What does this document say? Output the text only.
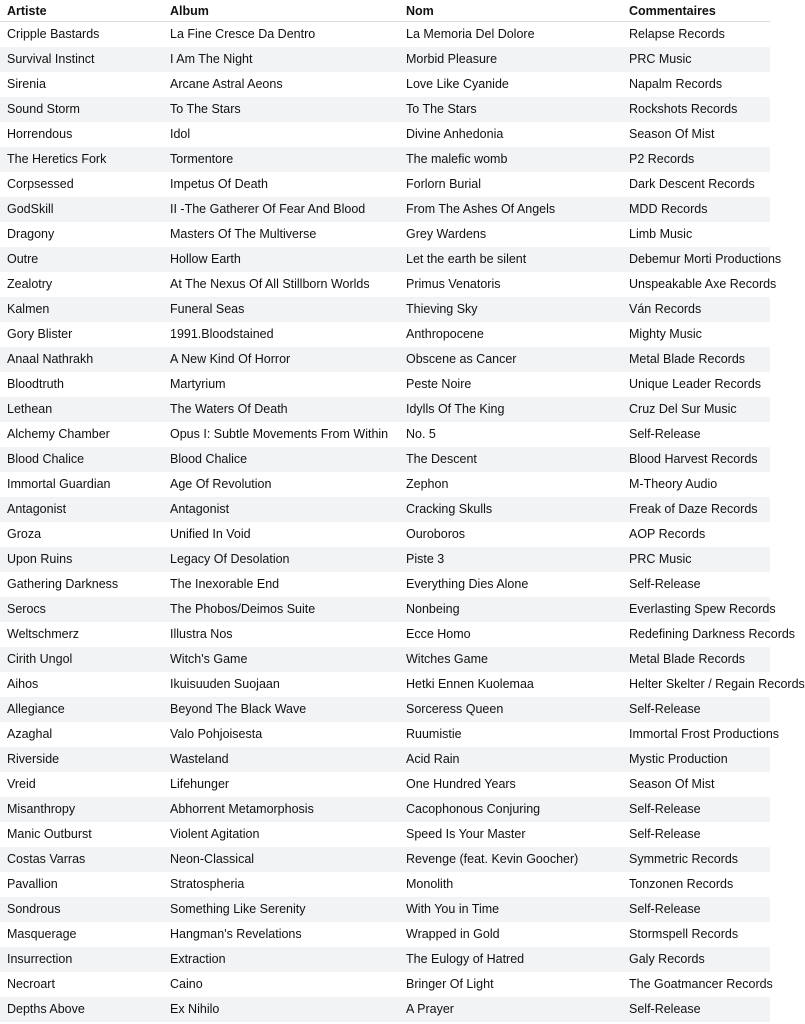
Artiste	Album	Nom	Commentaires
Cripple Bastards	La Fine Cresce Da Dentro	La Memoria Del Dolore	Relapse Records
Survival Instinct	I Am The Night	Morbid Pleasure	PRC Music
Sirenia	Arcane Astral Aeons	Love Like Cyanide	Napalm Records
Sound Storm	To The Stars	To The Stars	Rockshots Records
Horrendous	Idol	Divine Anhedonia	Season Of Mist
The Heretics Fork	Tormentore	The malefic womb	P2 Records
Corpsessed	Impetus Of Death	Forlorn Burial	Dark Descent Records
GodSkill	II -The Gatherer Of Fear And Blood	From The Ashes Of Angels	MDD Records
Dragony	Masters Of The Multiverse	Grey Wardens	Limb Music
Outre	Hollow Earth	Let the earth be silent	Debemur Morti Productions
Zealotry	At The Nexus Of All Stillborn Worlds	Primus Venatoris	Unspeakable Axe Records
Kalmen	Funeral Seas	Thieving Sky	Ván Records
Gory Blister	1991.Bloodstained	Anthropocene	Mighty Music
Anaal Nathrakh	A New Kind Of Horror	Obscene as Cancer	Metal Blade Records
Bloodtruth	Martyrium	Peste Noire	Unique Leader Records
Lethean	The Waters Of Death	Idylls Of The King	Cruz Del Sur Music
Alchemy Chamber	Opus I: Subtle Movements From Within	No. 5	Self-Release
Blood Chalice	Blood Chalice	The Descent	Blood Harvest Records
Immortal Guardian	Age Of Revolution	Zephon	M-Theory Audio
Antagonist	Antagonist	Cracking Skulls	Freak of Daze Records
Groza	Unified In Void	Ouroboros	AOP Records
Upon Ruins	Legacy Of Desolation	Piste 3	PRC Music
Gathering Darkness	The Inexorable End	Everything Dies Alone	Self-Release
Serocs	The Phobos/Deimos Suite	Nonbeing	Everlasting Spew Records
Weltschmerz	Illustra Nos	Ecce Homo	Redefining Darkness Records
Cirith Ungol	Witch's Game	Witches Game	Metal Blade Records
Aihos	Ikuisuuden Suojaan	Hetki Ennen Kuolemaa	Helter Skelter / Regain Records
Allegiance	Beyond The Black Wave	Sorceress Queen	Self-Release
Azaghal	Valo Pohjoisesta	Ruumistie	Immortal Frost Productions
Riverside	Wasteland	Acid Rain	Mystic Production
Vreid	Lifehunger	One Hundred Years	Season Of Mist
Misanthropy	Abhorrent Metamorphosis	Cacophonous Conjuring	Self-Release
Manic Outburst	Violent Agitation	Speed Is Your Master	Self-Release
Costas Varras	Neon-Classical	Revenge (feat. Kevin Goocher)	Symmetric Records
Pavallion	Stratospheria	Monolith	Tonzonen Records
Sondrous	Something Like Serenity	With You in Time	Self-Release
Masquerage	Hangman's Revelations	Wrapped in Gold	Stormspell Records
Insurrection	Extraction	The Eulogy of Hatred	Galy Records
Necroart	Caino	Bringer Of Light	The Goatmancer Records
Depths Above	Ex Nihilo	A Prayer	Self-Release
